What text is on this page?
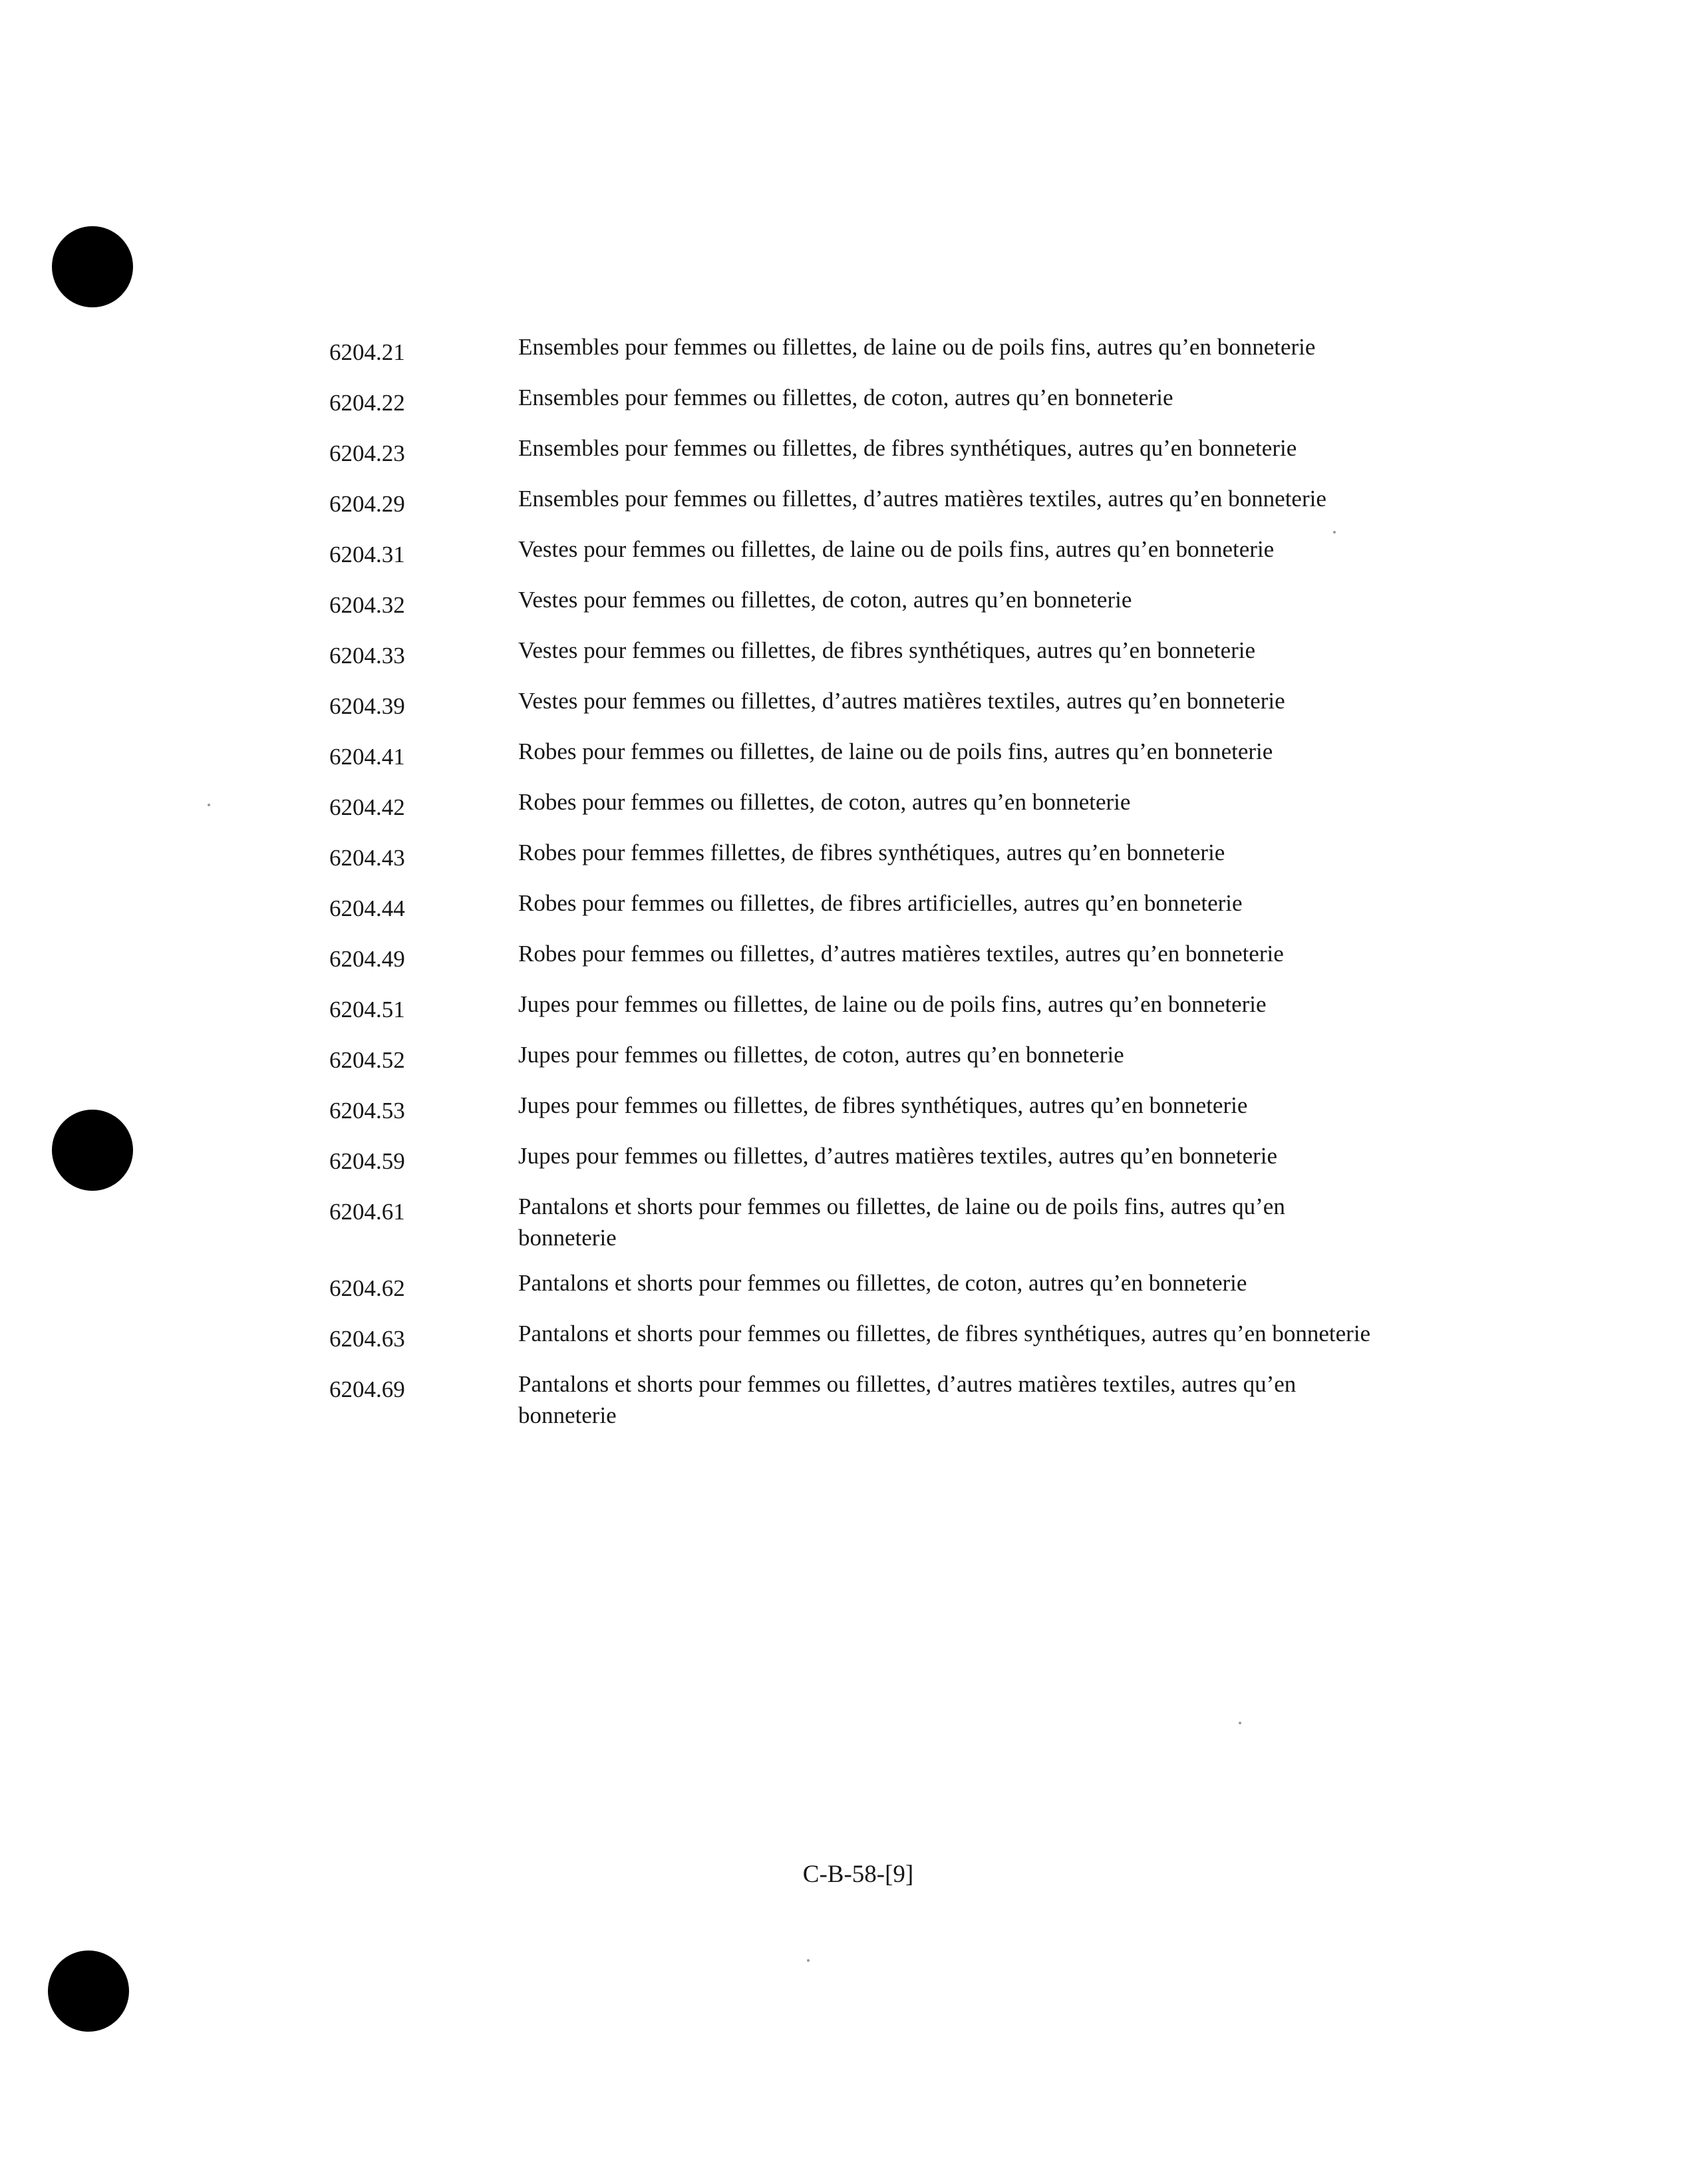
6204.21	Ensembles pour femmes ou fillettes, de laine ou de poils fins, autres qu’en bonneterie
6204.22	Ensembles pour femmes ou fillettes, de coton, autres qu’en bonneterie
6204.23	Ensembles pour femmes ou fillettes, de fibres synthétiques, autres qu’en bonneterie
6204.29	Ensembles pour femmes ou fillettes, d’autres matières textiles, autres qu’en bonneterie
6204.31	Vestes pour femmes ou fillettes, de laine ou de poils fins, autres qu’en bonneterie
6204.32	Vestes pour femmes ou fillettes, de coton, autres qu’en bonneterie
6204.33	Vestes pour femmes ou fillettes, de fibres synthétiques, autres qu’en bonneterie
6204.39	Vestes pour femmes ou fillettes, d’autres matières textiles, autres qu’en bonneterie
6204.41	Robes pour femmes ou fillettes, de laine ou de poils fins, autres qu’en bonneterie
6204.42	Robes pour femmes ou fillettes, de coton, autres qu’en bonneterie
6204.43	Robes pour femmes fillettes, de fibres synthétiques, autres qu’en bonneterie
6204.44	Robes pour femmes ou fillettes, de fibres artificielles, autres qu’en bonneterie
6204.49	Robes pour femmes ou fillettes, d’autres matières textiles, autres qu’en bonneterie
6204.51	Jupes pour femmes ou fillettes, de laine ou de poils fins, autres qu’en bonneterie
6204.52	Jupes pour femmes ou fillettes, de coton, autres qu’en bonneterie
6204.53	Jupes pour femmes ou fillettes, de fibres synthétiques, autres qu’en bonneterie
6204.59	Jupes pour femmes ou fillettes, d’autres matières textiles, autres qu’en bonneterie
6204.61	Pantalons et shorts pour femmes ou fillettes, de laine ou de poils fins, autres qu’en bonneterie
6204.62	Pantalons et shorts pour femmes ou fillettes, de coton, autres qu’en bonneterie
6204.63	Pantalons et shorts pour femmes ou fillettes, de fibres synthétiques, autres qu’en bonneterie
6204.69	Pantalons et shorts pour femmes ou fillettes, d’autres matières textiles, autres qu’en bonneterie
C-B-58-[9]
